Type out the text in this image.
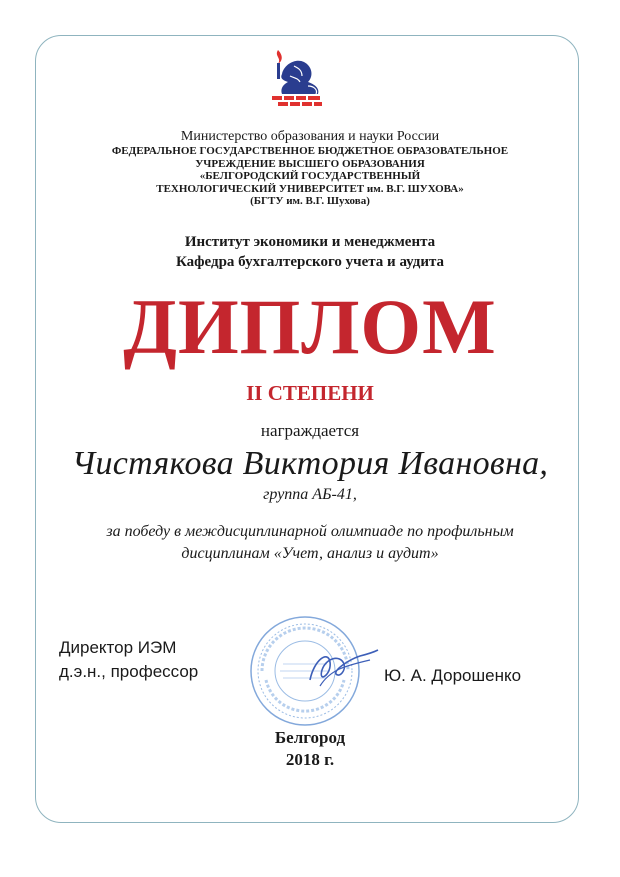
Министерство образования и науки России
ФЕДЕРАЛЬНОЕ ГОСУДАРСТВЕННОЕ БЮДЖЕТНОЕ ОБРАЗОВАТЕЛЬНОЕ
УЧРЕЖДЕНИЕ ВЫСШЕГО ОБРАЗОВАНИЯ
«БЕЛГОРОДСКИЙ ГОСУДАРСТВЕННЫЙ
ТЕХНОЛОГИЧЕСКИЙ УНИВЕРСИТЕТ им. В.Г. ШУХОВА»
(БГТУ им. В.Г. Шухова)
Институт экономики и менеджмента
Кафедра бухгалтерского учета и аудита
ДИПЛОМ
II СТЕПЕНИ
награждается
Чистякова Виктория Ивановна,
группа АБ-41,
за победу в междисциплинарной олимпиаде по профильным
дисциплинам «Учет, анализ и аудит»
Директор ИЭМ
д.э.н., профессор	Ю. А. Дорошенко
Белгород
2018 г.
